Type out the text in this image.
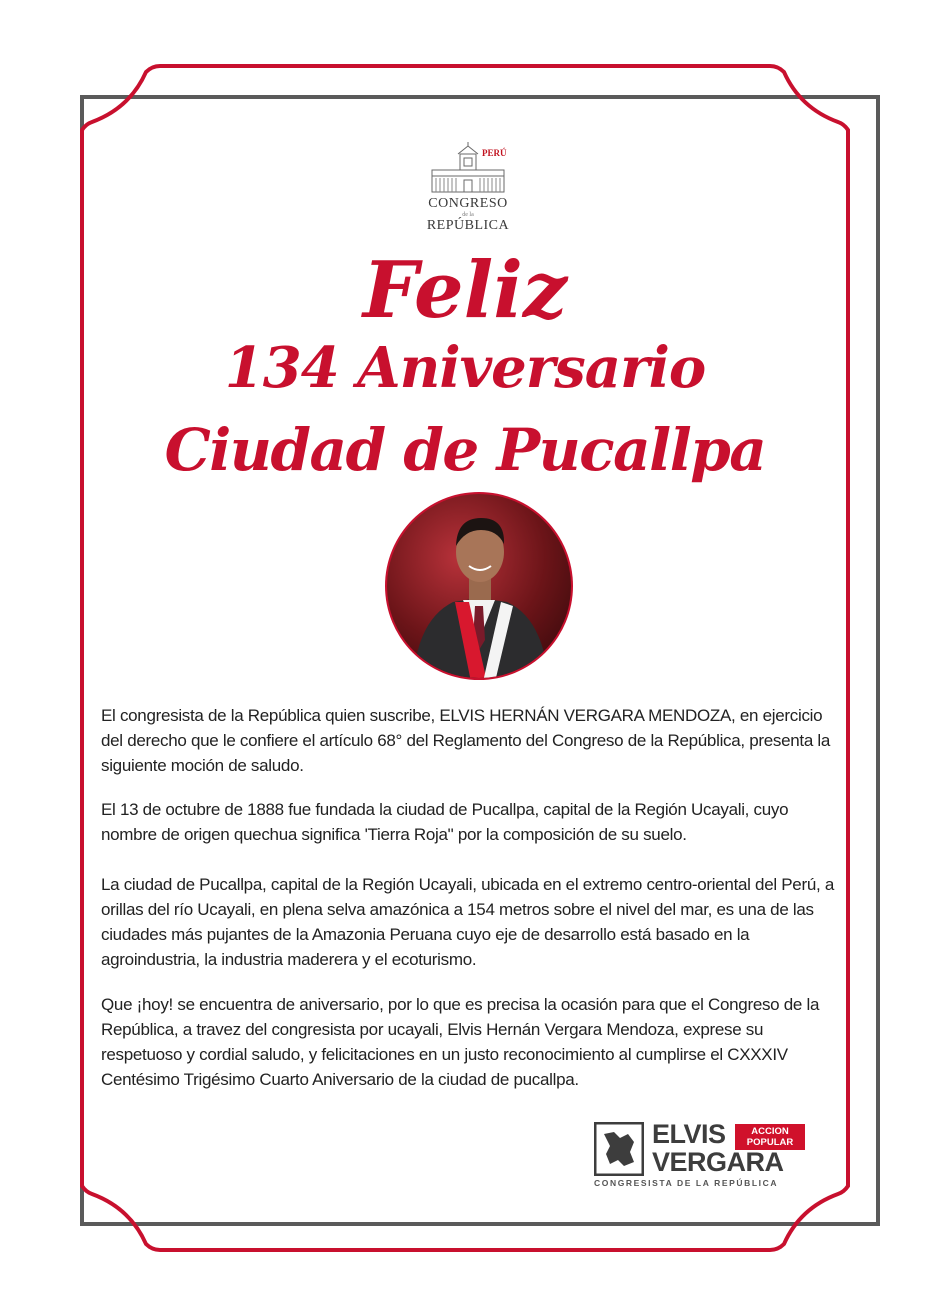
PERÚ
CONGRESO
de la
REPÚBLICA
Feliz
134 Aniversario
Ciudad de Pucallpa

El congresista de la República quien suscribe, ELVIS HERNÁN VERGARA MENDOZA, en ejercicio del derecho que le confiere el artículo 68° del Reglamento del Congreso de la República, presenta la siguiente moción de saludo.

El 13 de octubre de 1888 fue fundada la ciudad de Pucallpa, capital de la Región Ucayali, cuyo nombre de origen quechua significa 'Tierra Roja" por la composición de su suelo.

La ciudad de Pucallpa, capital de la Región Ucayali, ubicada en el extremo centro-oriental del Perú, a orillas del río Ucayali, en plena selva amazónica a 154 metros sobre el nivel del mar, es una de las ciudades más pujantes de la Amazonia Peruana cuyo eje de desarrollo está basado en la agroindustria, la industria maderera y el ecoturismo.

Que ¡hoy! se encuentra de aniversario, por lo que es precisa la ocasión para que el Congreso de la República, a travez del congresista por ucayali, Elvis Hernán Vergara Mendoza, exprese su respetuoso y cordial saludo, y felicitaciones en un justo reconocimiento al cumplirse el CXXXIV Centésimo Trigésimo Cuarto Aniversario de la ciudad de pucallpa.

ELVIS	ACCION
POPULAR
VERGARA
CONGRESISTA DE LA REPÚBLICA
